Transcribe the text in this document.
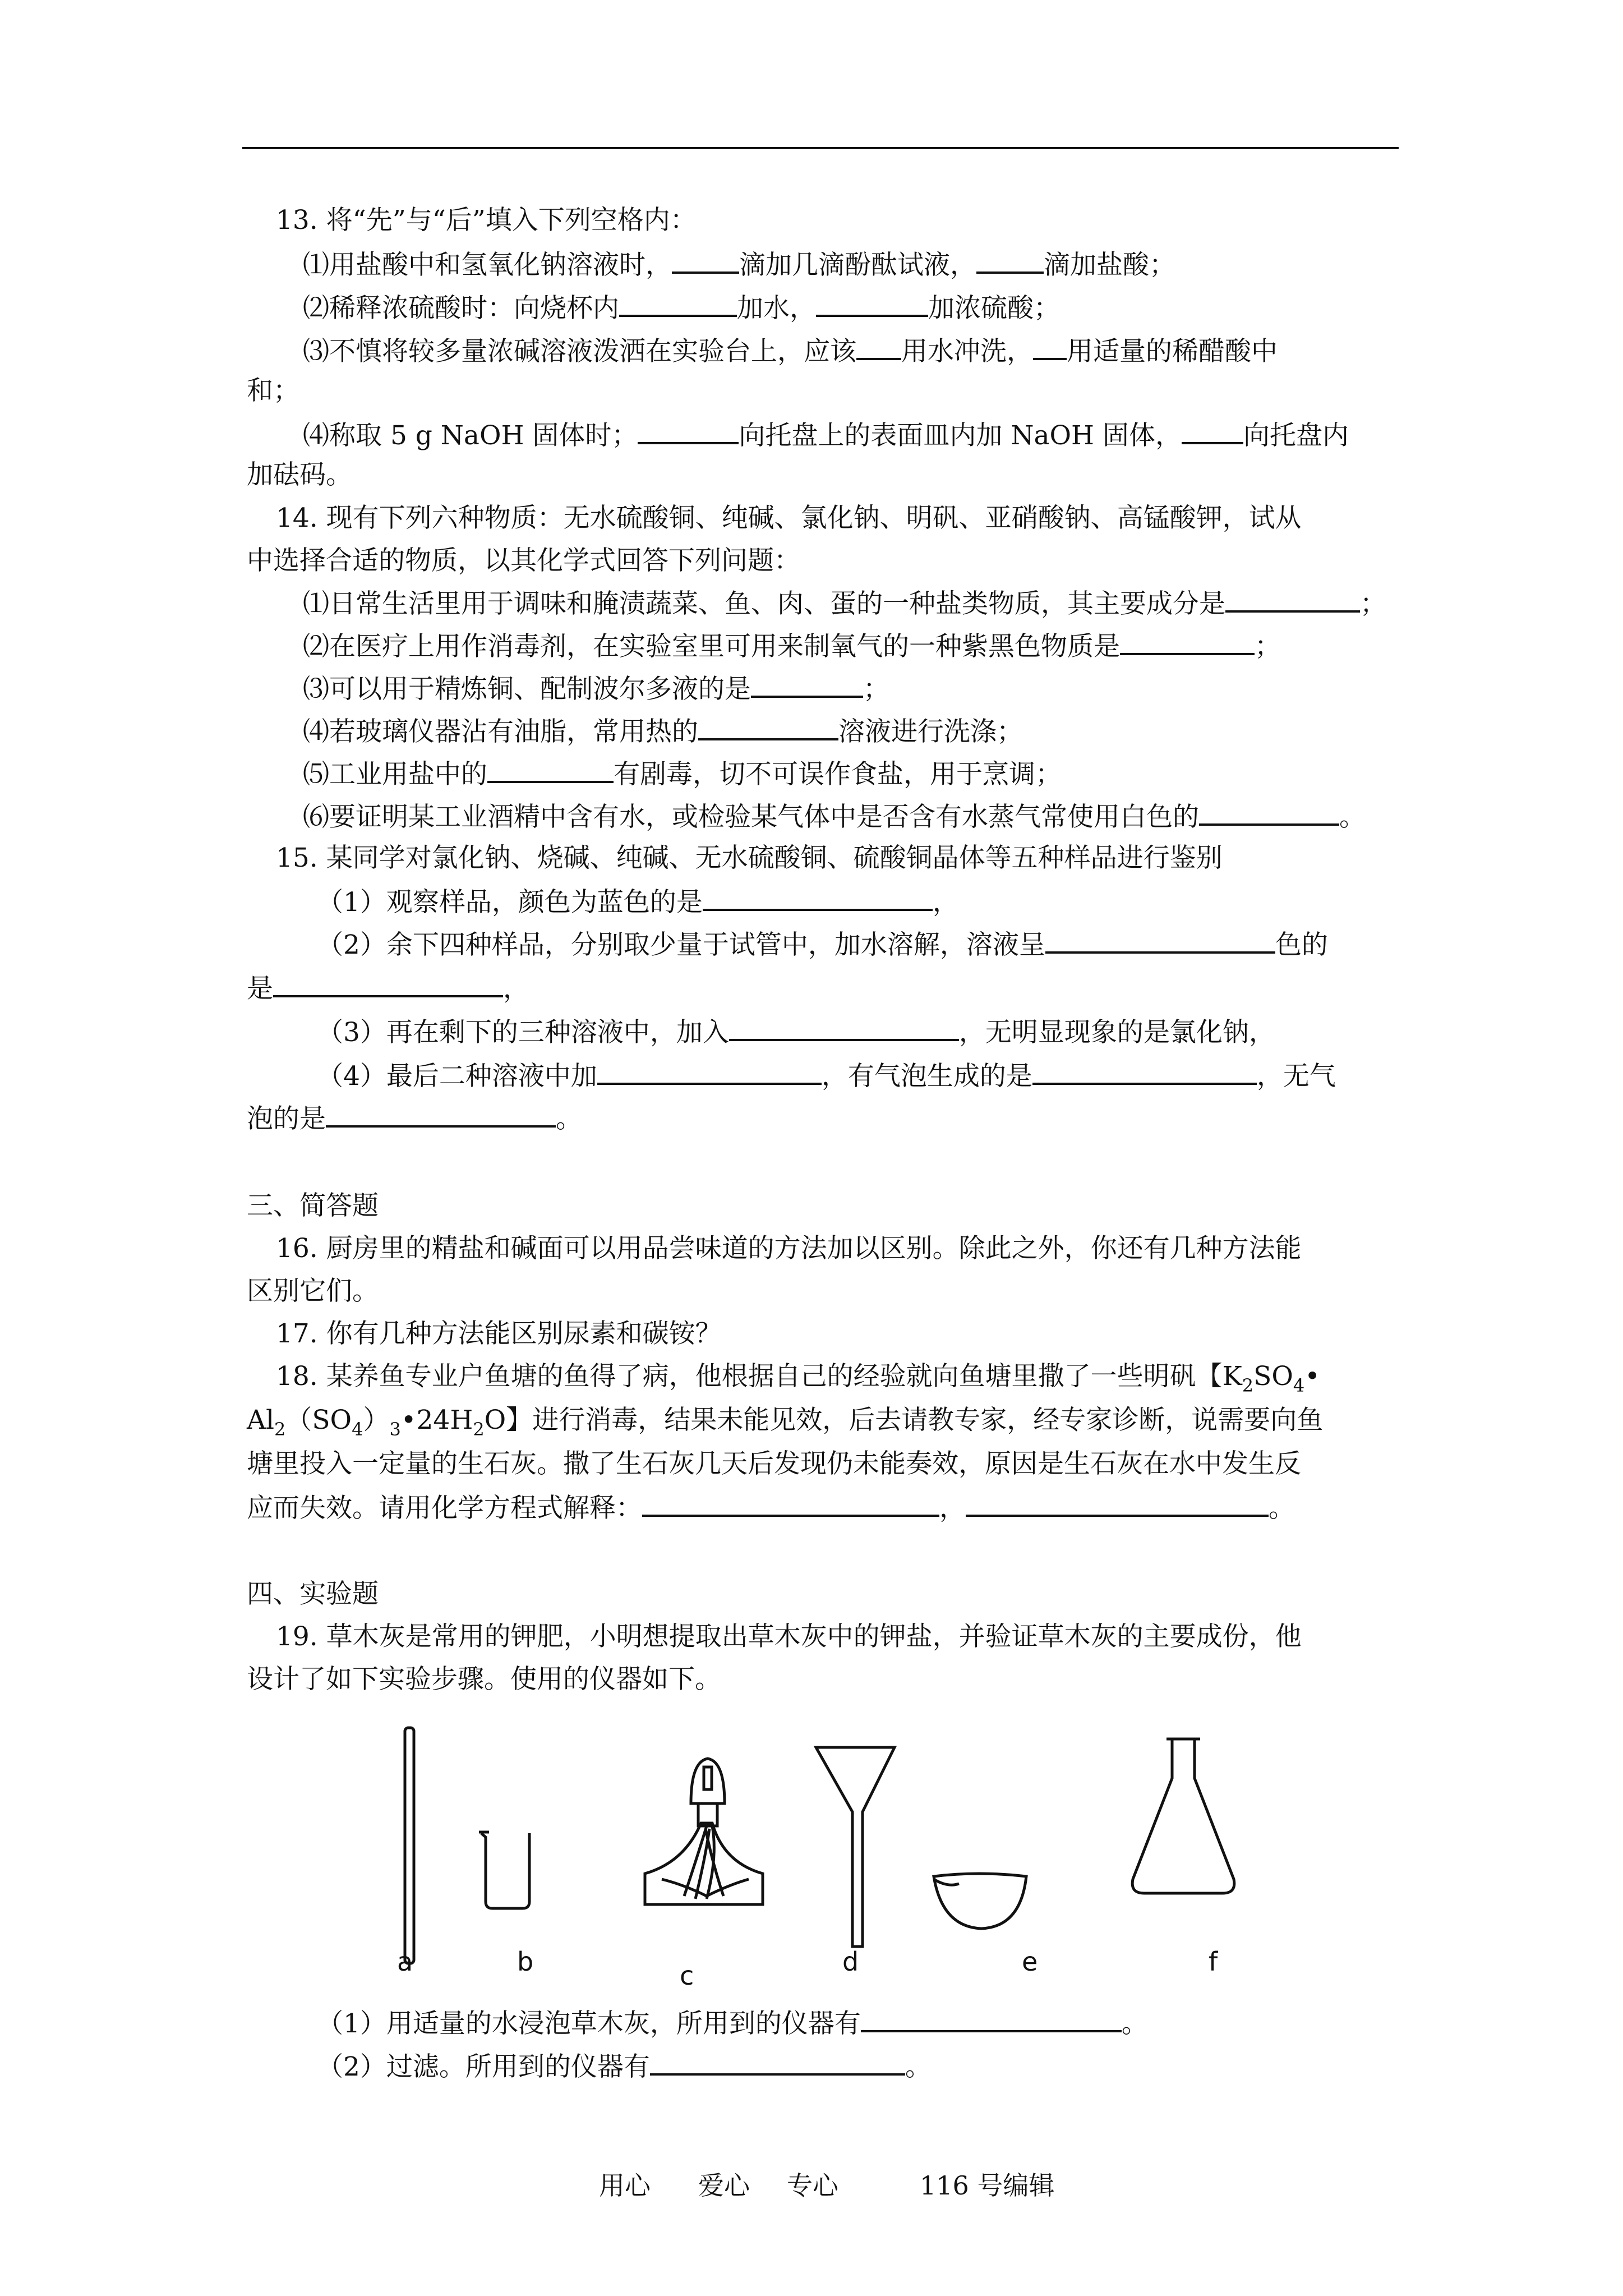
13. 将“先”与“后”填入下列空格内：
⑴用盐酸中和氢氧化钠溶液时，	滴加几滴酚酞试液，	滴加盐酸；
⑵稀释浓硫酸时：向烧杯内	加水，	加浓硫酸；
⑶不慎将较多量浓碱溶液泼洒在实验台上，应该 用水冲洗， 用适量的稀醋酸中
和；
⑷称取 5 g NaOH 固体时；	向托盘上的表面皿内加 NaOH 固体， 向托盘内
加砝码。
14. 现有下列六种物质：无水硫酸铜、纯碱、氯化钠、明矾、亚硝酸钠、高锰酸钾，试从
中选择合适的物质，以其化学式回答下列问题：
⑴日常生活里用于调味和腌渍蔬菜、鱼、肉、蛋的一种盐类物质，其主要成分是	；
⑵在医疗上用作消毒剂，在实验室里可用来制氧气的一种紫黑色物质是	；
⑶可以用于精炼铜、配制波尔多液的是	；
⑷若玻璃仪器沾有油脂，常用热的	溶液进行洗涤；
⑸工业用盐中的	有剧毒，切不可误作食盐，用于烹调；
⑹要证明某工业酒精中含有水，或检验某气体中是否含有水蒸气常使用白色的	。
15. 某同学对氯化钠、烧碱、纯碱、无水硫酸铜、硫酸铜晶体等五种样品进行鉴别
（1）观察样品，颜色为蓝色的是	，
（2）余下四种样品，分别取少量于试管中，加水溶解，溶液呈	色的
是	，
（3）再在剩下的三种溶液中，加入	，无明显现象的是氯化钠，
（4）最后二种溶液中加	，有气泡生成的是	，无气
泡的是	。
三、简答题
16. 厨房里的精盐和碱面可以用品尝味道的方法加以区别。除此之外，你还有几种方法能
区别它们。
17. 你有几种方法能区别尿素和碳铵？
18. 某养鱼专业户鱼塘的鱼得了病，他根据自己的经验就向鱼塘里撒了一些明矾【$K_2SO_4•$
$Al_2(SO_4)_3•24H_2O$】进行消毒，结果未能见效，后去请教专家，经专家诊断，说需要向鱼
塘里投入一定量的生石灰。撒了生石灰几天后发现仍未能奏效，原因是生石灰在水中发生反
应而失效。请用化学方程式解释：	，	。
四、实验题
19. 草木灰是常用的钾肥，小明想提取出草木灰中的钾盐，并验证草木灰的主要成份，他
设计了如下实验步骤。使用的仪器如下。
a	b	c	d	e	f
（1）用适量的水浸泡草木灰，所用到的仪器有	。
（2）过滤。所用到的仪器有	。
用心 爱心 专心	116 号编辑
